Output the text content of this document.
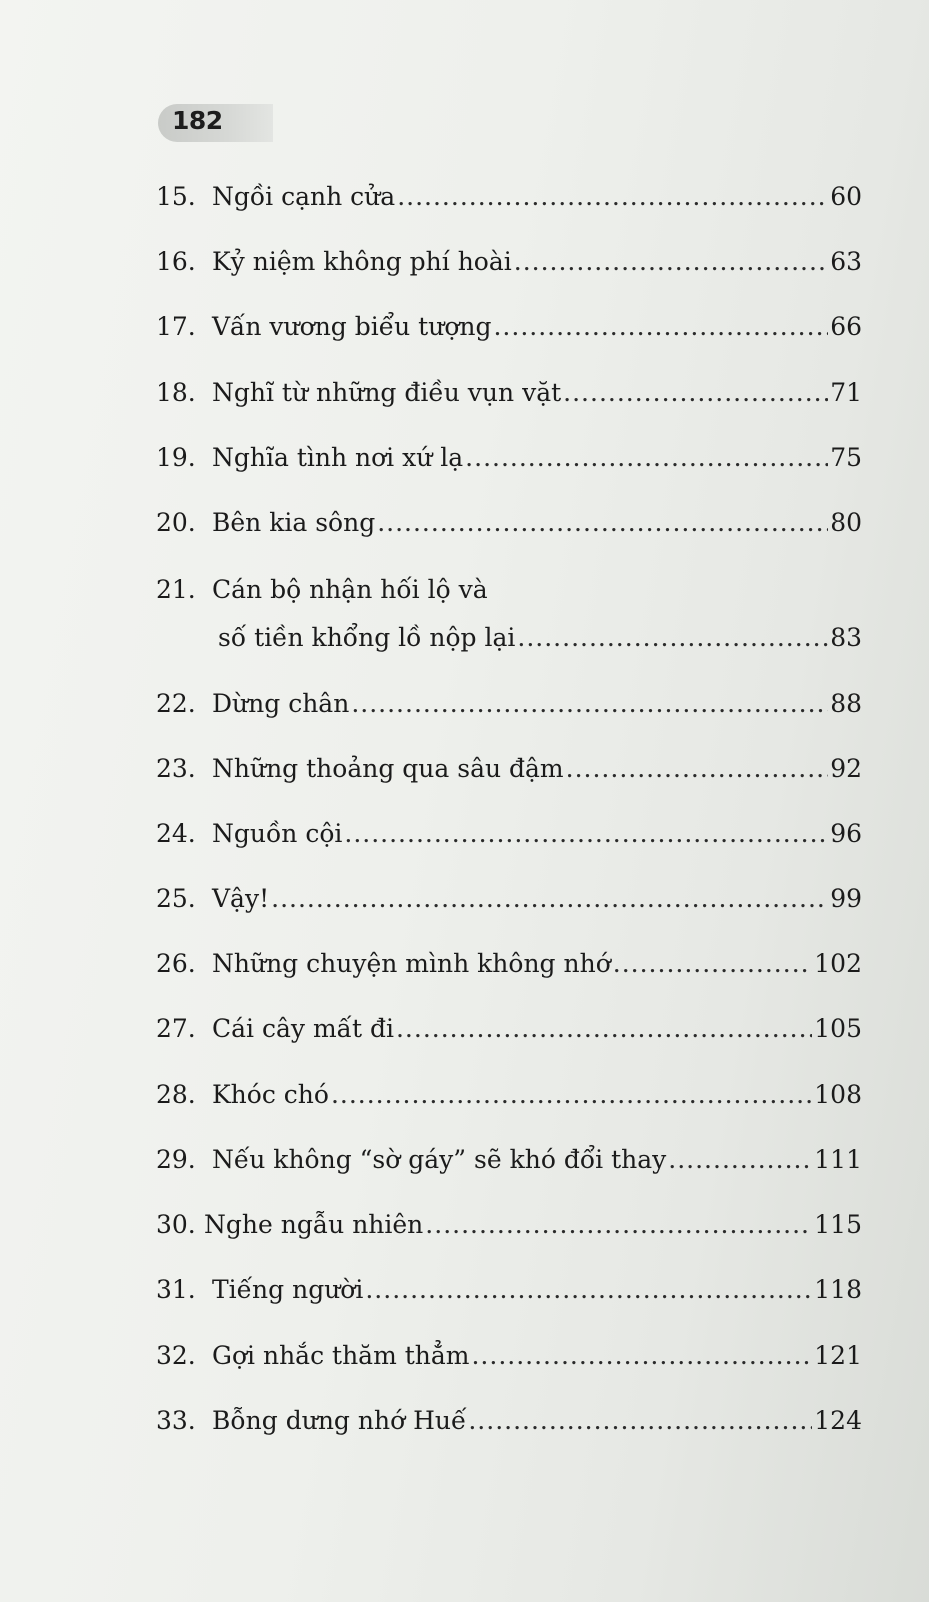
182
15. Ngồi cạnh cửa .....	60
16. Kỷ niệm không phí hoài .....	63
17. Vấn vương biểu tượng .....	66
18. Nghĩ từ những điều vụn vặt .....	71
19. Nghĩa tình nơi xứ lạ .....	75
20. Bên kia sông .....	80
21. Cán bộ nhận hối lộ và
số tiền khổng lồ nộp lại .....	83
22. Dừng chân .....	88
23. Những thoảng qua sâu đậm .....	92
24. Nguồn cội .....	96
25. Vậy! .....	99
26. Những chuyện mình không nhớ .....	102
27. Cái cây mất đi .....	105
28. Khóc chó .....	108
29. Nếu không “sờ gáy” sẽ khó đổi thay .....	111
30. Nghe ngẫu nhiên .....	115
31. Tiếng người .....	118
32. Gợi nhắc thăm thẳm .....	121
33. Bỗng dưng nhớ Huế .....	124
